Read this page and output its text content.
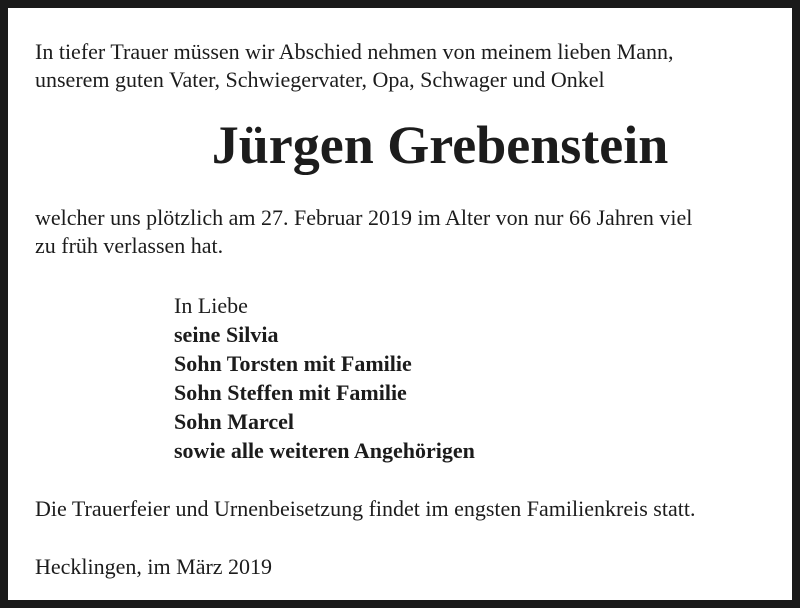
In tiefer Trauer müssen wir Abschied nehmen von meinem lieben Mann,
unserem guten Vater, Schwiegervater, Opa, Schwager und Onkel
Jürgen Grebenstein
welcher uns plötzlich am 27. Februar 2019 im Alter von nur 66 Jahren viel
zu früh verlassen hat.
In Liebe
seine Silvia
Sohn Torsten mit Familie
Sohn Steffen mit Familie
Sohn Marcel
sowie alle weiteren Angehörigen
Die Trauerfeier und Urnenbeisetzung findet im engsten Familienkreis statt.
Hecklingen, im März 2019
